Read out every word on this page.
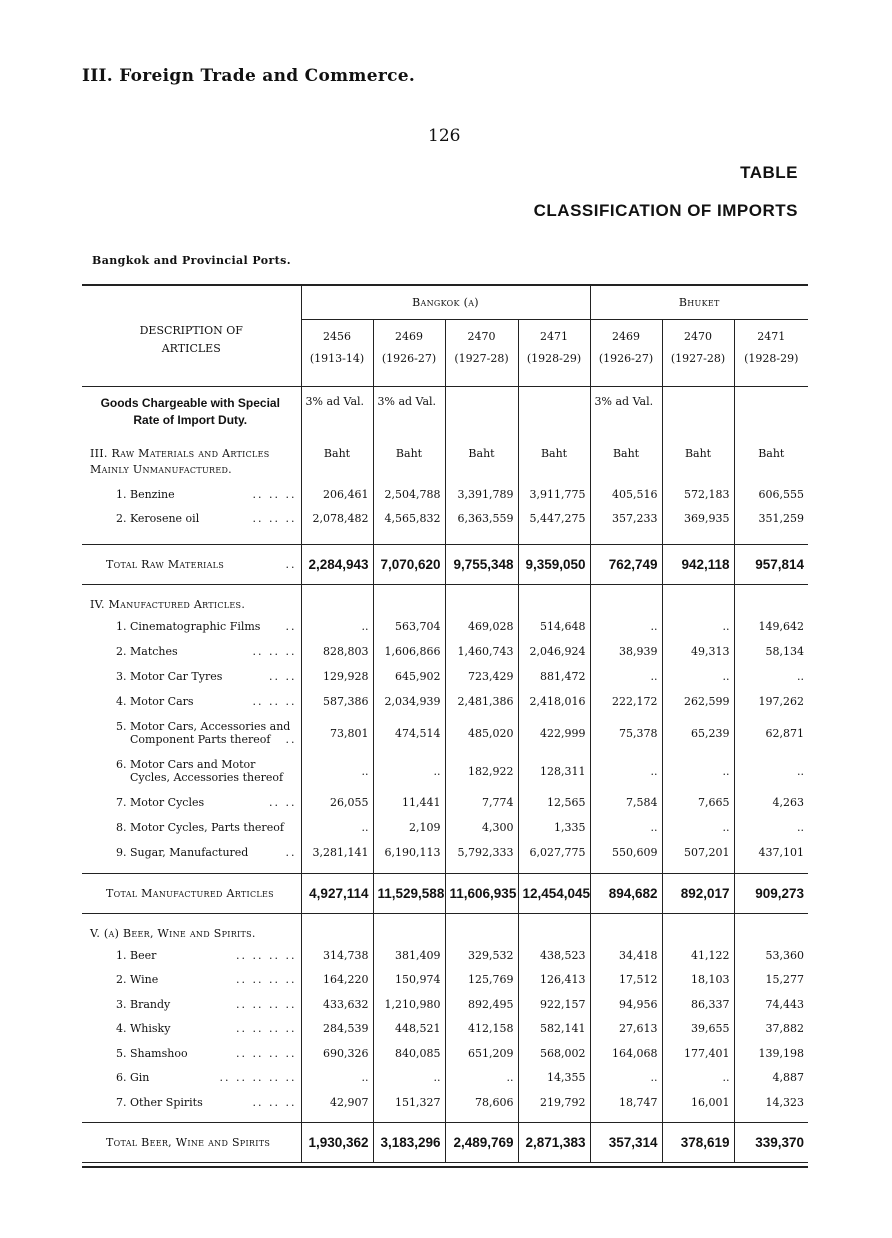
III. Foreign Trade and Commerce.
126
TABLE
CLASSIFICATION OF IMPORTS
Bangkok and Provincial Ports.
DESCRIPTION OF ARTICLES	Bangkok (a)				Bhuket		
	2456	2469	2470	2471	2469	2470	2471
	(1913-14)	(1926-27)	(1927-28)	(1928-29)	(1926-27)	(1927-28)	(1928-29)
Goods Chargeable with Special Rate of Import Duty.	3% ad Val.	3% ad Val.			3% ad Val.		
III. Raw Materials and Articles Mainly Unmanufactured.	Baht	Baht	Baht	Baht	Baht	Baht	Baht
1. Benzine .. .. ..	206,461	2,504,788	3,391,789	3,911,775	405,516	572,183	606,555
2. Kerosene oil .. .. ..	2,078,482	4,565,832	6,363,559	5,447,275	357,233	369,935	351,259

Total Raw Materials ..	2,284,943	7,070,620	9,755,348	9,359,050	762,749	942,118	957,814
IV. Manufactured Articles.							
1. Cinematographic Films ..	..	563,704	469,028	514,648	..	..	149,642
2. Matches .. .. ..	828,803	1,606,866	1,460,743	2,046,924	38,939	49,313	58,134
3. Motor Car Tyres .. ..	129,928	645,902	723,429	881,472	..	..	..
4. Motor Cars .. .. ..	587,386	2,034,939	2,481,386	2,418,016	222,172	262,599	197,262
5. Motor Cars, Accessories and
Component Parts thereof ..	73,801	474,514	485,020	422,999	75,378	65,239	62,871
6. Motor Cars and Motor
Cycles, Accessories thereof	..	..	182,922	128,311	..	..	..
7. Motor Cycles .. ..	26,055	11,441	7,774	12,565	7,584	7,665	4,263
8. Motor Cycles, Parts thereof	..	2,109	4,300	1,335	..	..	..
9. Sugar, Manufactured ..	3,281,141	6,190,113	5,792,333	6,027,775	550,609	507,201	437,101

Total Manufactured Articles	4,927,114	11,529,588	11,606,935	12,454,045	894,682	892,017	909,273
V. (a) Beer, Wine and Spirits.							
1. Beer .. .. .. ..	314,738	381,409	329,532	438,523	34,418	41,122	53,360
2. Wine .. .. .. ..	164,220	150,974	125,769	126,413	17,512	18,103	15,277
3. Brandy .. .. .. ..	433,632	1,210,980	892,495	922,157	94,956	86,337	74,443
4. Whisky .. .. .. ..	284,539	448,521	412,158	582,141	27,613	39,655	37,882
5. Shamshoo .. .. .. ..	690,326	840,085	651,209	568,002	164,068	177,401	139,198
6. Gin .. .. .. .. ..	..	..	..	14,355	..	..	4,887
7. Other Spirits .. .. ..	42,907	151,327	78,606	219,792	18,747	16,001	14,323

Total Beer, Wine and Spirits	1,930,362	3,183,296	2,489,769	2,871,383	357,314	378,619	339,370
